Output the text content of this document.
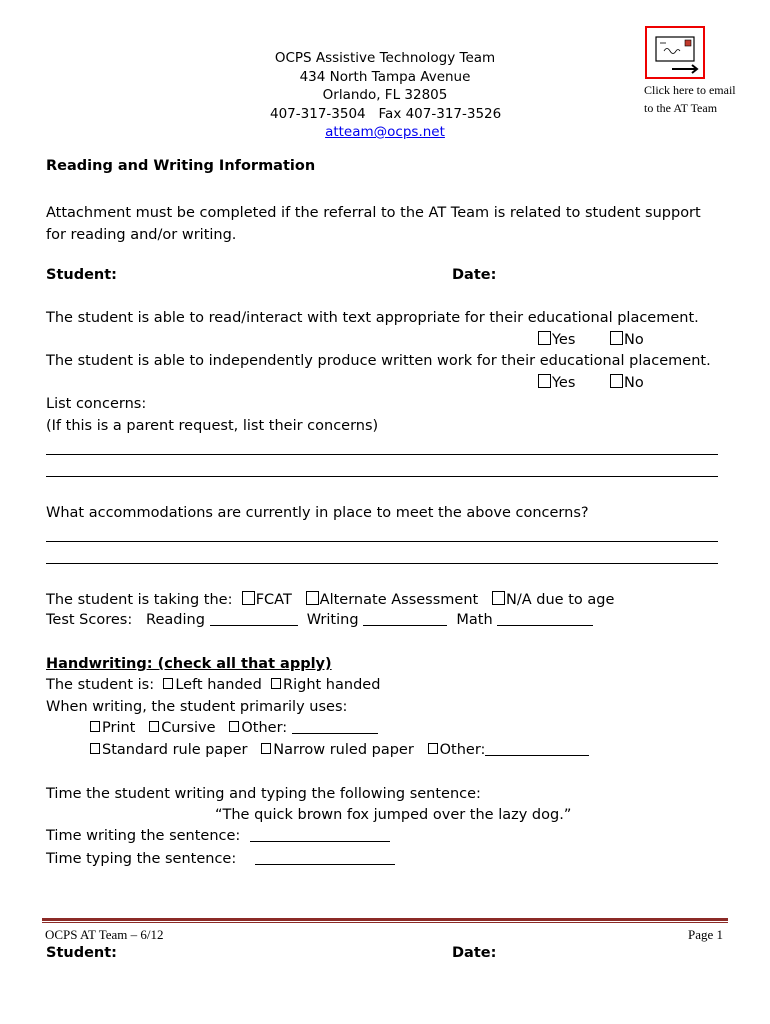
OCPS Assistive Technology Team
434 North Tampa Avenue
Orlando, FL 32805
407-317-3504 Fax 407-317-3526
atteam@ocps.net
Click here to email
to the AT Team
Reading and Writing Information
Attachment must be completed if the referral to the AT Team is related to student support
for reading and/or writing.
Student:	Date:
The student is able to read/interact with text appropriate for their educational placement.
Yes	No
The student is able to independently produce written work for their educational placement.
Yes	No
List concerns:
(If this is a parent request, list their concerns)
What accommodations are currently in place to meet the above concerns?
The student is taking the: FCAT Alternate Assessment N/A due to age
Test Scores: Reading	Writing	Math
Handwriting: (check all that apply)
The student is: Left handed Right handed
When writing, the student primarily uses:
Print Cursive Other:
Standard rule paper Narrow ruled paper Other:
Time the student writing and typing the following sentence:
“The quick brown fox jumped over the lazy dog.”
Time writing the sentence:
Time typing the sentence:
OCPS AT Team – 6/12	Page 1
Student:	Date:
